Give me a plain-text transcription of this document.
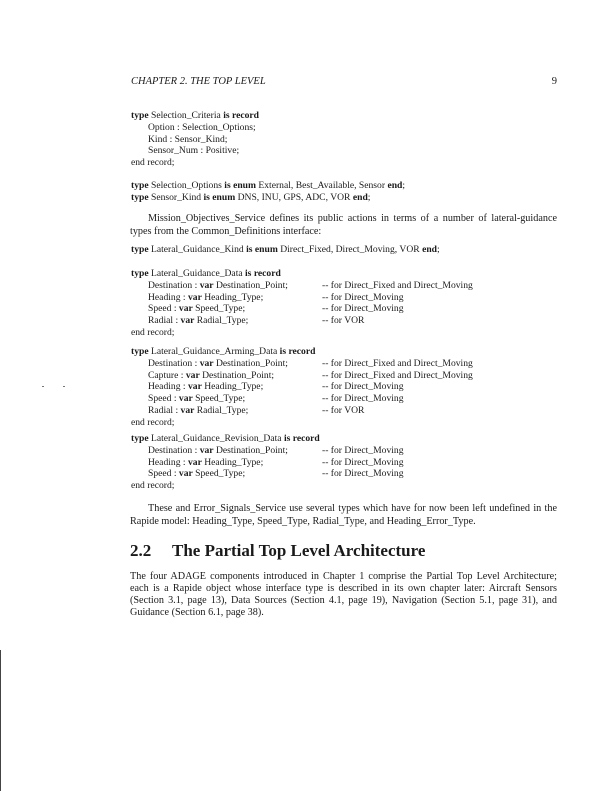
CHAPTER 2. THE TOP LEVEL	9
type Selection_Criteria is record
Option : Selection_Options;
Kind : Sensor_Kind;
Sensor_Num : Positive;
end record;
type Selection_Options is enum External, Best_Available, Sensor end;
type Sensor_Kind is enum DNS, INU, GPS, ADC, VOR end;
Mission_Objectives_Service defines its public actions in terms of a number of lateral-guidance types from the Common_Definitions interface:
type Lateral_Guidance_Kind is enum Direct_Fixed, Direct_Moving, VOR end;
type Lateral_Guidance_Data is record
Destination : var Destination_Point;	-- for Direct_Fixed and Direct_Moving
Heading : var Heading_Type;	-- for Direct_Moving
Speed : var Speed_Type;	-- for Direct_Moving
Radial : var Radial_Type;	-- for VOR
end record;
type Lateral_Guidance_Arming_Data is record
Destination : var Destination_Point;	-- for Direct_Fixed and Direct_Moving
Capture : var Destination_Point;	-- for Direct_Fixed and Direct_Moving
Heading : var Heading_Type;	-- for Direct_Moving
Speed : var Speed_Type;	-- for Direct_Moving
Radial : var Radial_Type;	-- for VOR
end record;
type Lateral_Guidance_Revision_Data is record
Destination : var Destination_Point;	-- for Direct_Moving
Heading : var Heading_Type;	-- for Direct_Moving
Speed : var Speed_Type;	-- for Direct_Moving
end record;
These and Error_Signals_Service use several types which have for now been left undefined in the Rapide model: Heading_Type, Speed_Type, Radial_Type, and Heading_Error_Type.
2.2 The Partial Top Level Architecture
The four ADAGE components introduced in Chapter 1 comprise the Partial Top Level Architecture; each is a Rapide object whose interface type is described in its own chapter later: Aircraft Sensors (Section 3.1, page 13), Data Sources (Section 4.1, page 19), Navigation (Section 5.1, page 31), and Guidance (Section 6.1, page 38).
